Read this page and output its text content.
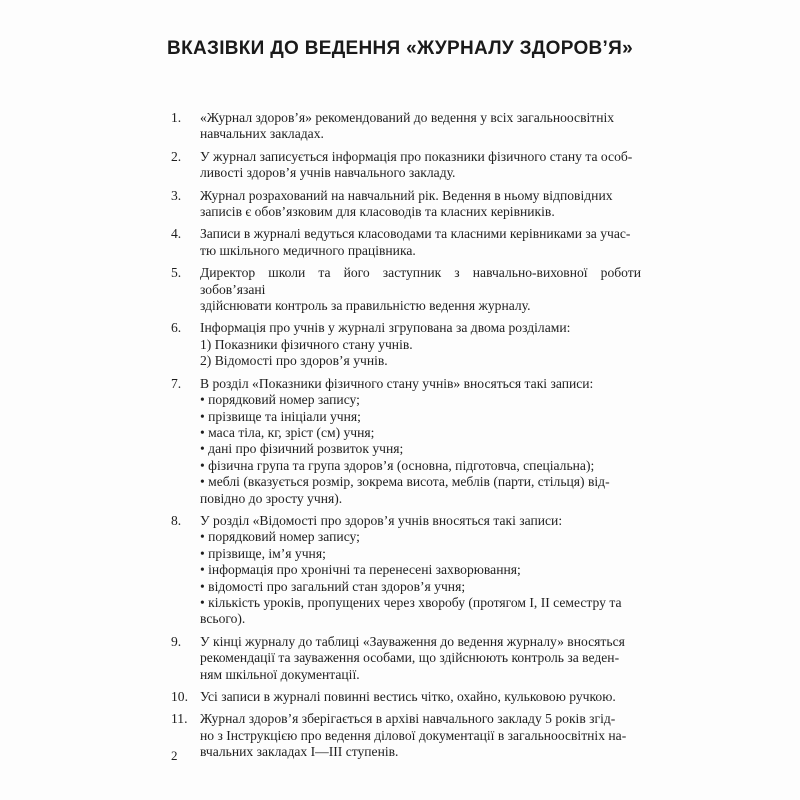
ВКАЗІВКИ ДО ВЕДЕННЯ «ЖУРНАЛУ ЗДОРОВ’Я»
1.	«Журнал здоров’я» рекомендований до ведення у всіх загальноосвітніх
навчальних закладах.
2.	У журнал записується інформація про показники фізичного стану та особ-
ливості здоров’я учнів навчального закладу.
3.	Журнал розрахований на навчальний рік. Ведення в ньому відповідних
записів є обов’язковим для класоводів та класних керівників.
4.	Записи в журналі ведуться класоводами та класними керівниками за учас-
тю шкільного медичного працівника.
5.	Директор школи та його заступник з навчально-виховної роботи зобов’язані
здійснювати контроль за правильністю ведення журналу.
6.	Інформація про учнів у журналі згрупована за двома розділами:
1) Показники фізичного стану учнів.
2) Відомості про здоров’я учнів.
7.	В розділ «Показники фізичного стану учнів» вносяться такі записи:
• порядковий номер запису;
• прізвище та ініціали учня;
• маса тіла, кг, зріст (см) учня;
• дані про фізичний розвиток учня;
• фізична група та група здоров’я (основна, підготовча, спеціальна);
• меблі (вказується розмір, зокрема висота, меблів (парти, стільця) від-
повідно до зросту учня).
8.	У розділ «Відомості про здоров’я учнів вносяться такі записи:
• порядковий номер запису;
• прізвище, ім’я учня;
• інформація про хронічні та перенесені захворювання;
• відомості про загальний стан здоров’я учня;
• кількість уроків, пропущених через хворобу (протягом І, ІІ семестру та
всього).
9.	У кінці журналу до таблиці «Зауваження до ведення журналу» вносяться
рекомендації та зауваження особами, що здійснюють контроль за веден-
ням шкільної документації.
10. Усі записи в журналі повинні вестись чітко, охайно, кульковою ручкою.
11. Журнал здоров’я зберігається в архіві навчального закладу 5 років згід-
но з Інструкцією про ведення ділової документації в загальноосвітніх на-
вчальних закладах І—ІІІ ступенів.
2
